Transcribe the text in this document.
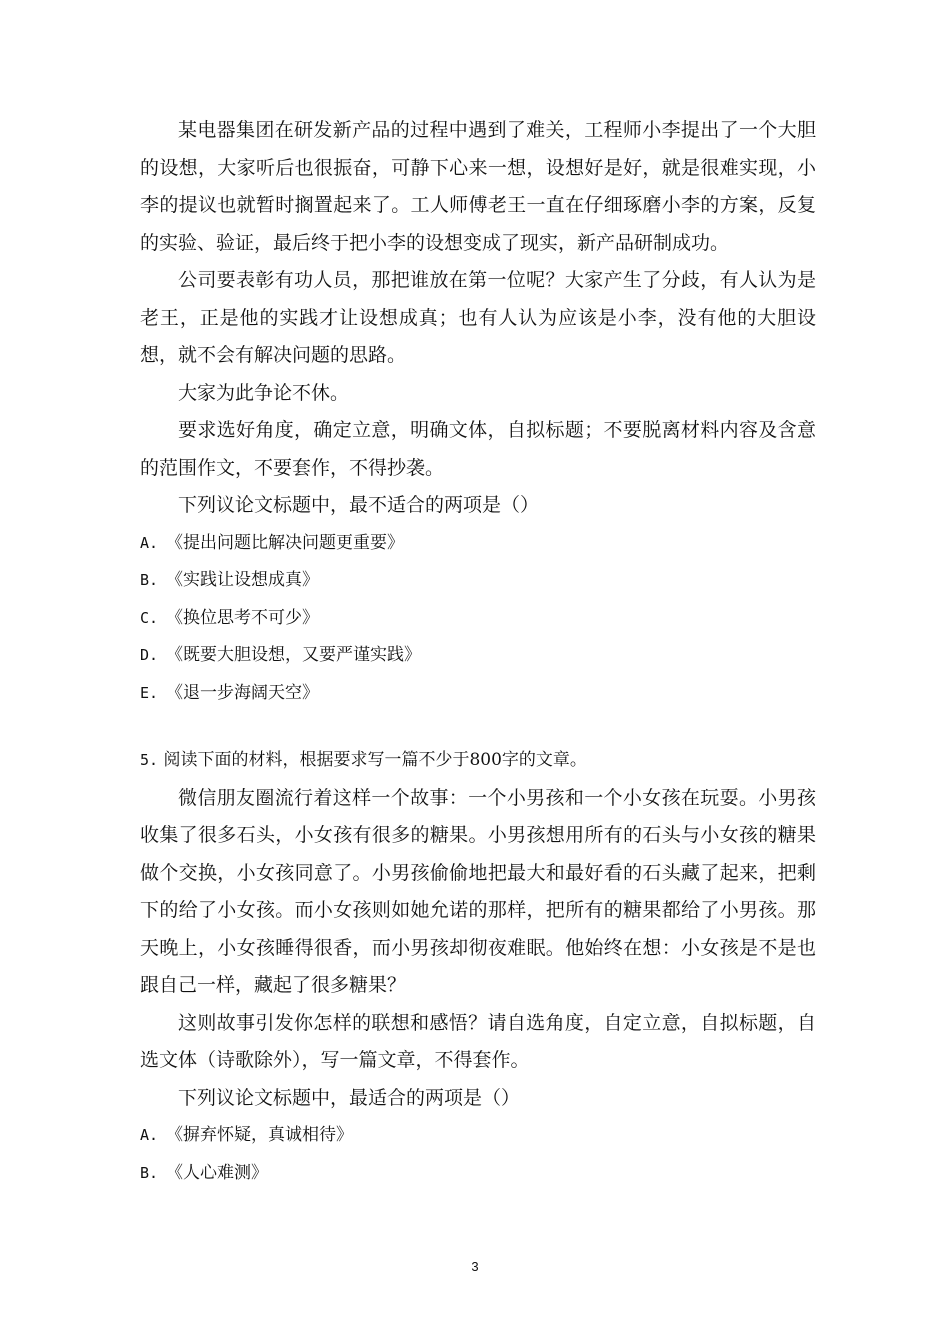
某电器集团在研发新产品的过程中遇到了难关，工程师小李提出了一个大胆的设想，大家听后也很振奋，可静下心来一想，设想好是好，就是很难实现，小李的提议也就暂时搁置起来了。工人师傅老王一直在仔细琢磨小李的方案，反复的实验、验证，最后终于把小李的设想变成了现实，新产品研制成功。

公司要表彰有功人员，那把谁放在第一位呢？大家产生了分歧，有人认为是老王，正是他的实践才让设想成真；也有人认为应该是小李，没有他的大胆设想，就不会有解决问题的思路。

大家为此争论不休。

要求选好角度，确定立意，明确文体，自拟标题；不要脱离材料内容及含意的范围作文，不要套作，不得抄袭。

下列议论文标题中，最不适合的两项是（）

A. 《提出问题比解决问题更重要》

B. 《实践让设想成真》

C. 《换位思考不可少》

D. 《既要大胆设想，又要严谨实践》

E. 《退一步海阔天空》

5. 阅读下面的材料，根据要求写一篇不少于800字的文章。

微信朋友圈流行着这样一个故事：一个小男孩和一个小女孩在玩耍。小男孩收集了很多石头，小女孩有很多的糖果。小男孩想用所有的石头与小女孩的糖果做个交换，小女孩同意了。小男孩偷偷地把最大和最好看的石头藏了起来，把剩下的给了小女孩。而小女孩则如她允诺的那样，把所有的糖果都给了小男孩。那天晚上，小女孩睡得很香，而小男孩却彻夜难眠。他始终在想：小女孩是不是也跟自己一样，藏起了很多糖果？

这则故事引发你怎样的联想和感悟？请自选角度，自定立意，自拟标题，自选文体（诗歌除外），写一篇文章，不得套作。

下列议论文标题中，最适合的两项是（）

A. 《摒弃怀疑，真诚相待》

B. 《人心难测》

3
